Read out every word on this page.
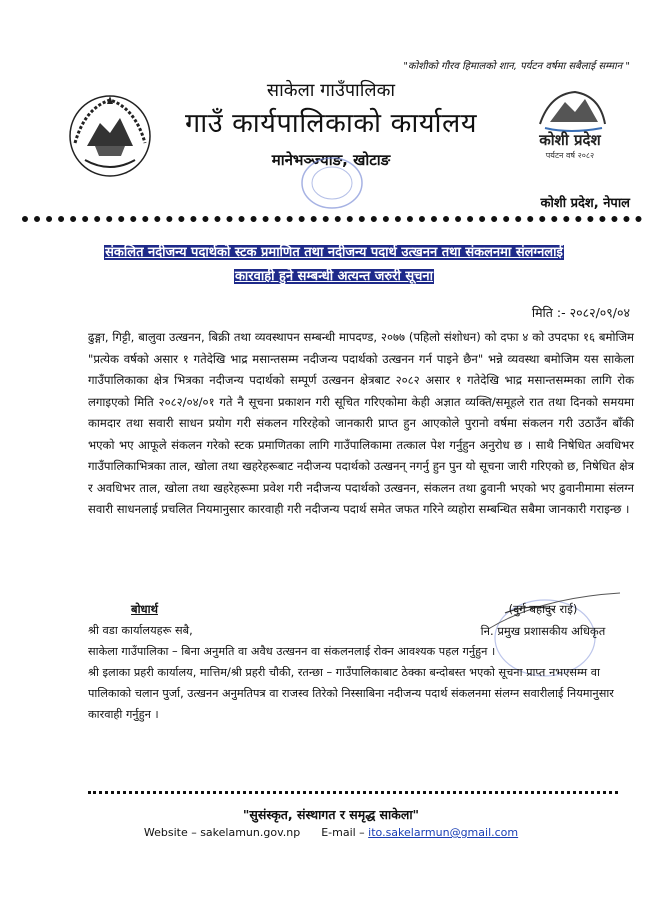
"कोशीको गौरव हिमालको शान, पर्यटन वर्षमा सबैलाई सम्मान "
साकेला गाउँपालिका
गाउँ कार्यपालिकाको कार्यालय
मानेभञ्ज्याङ, खोटाङ
कोशी प्रदेश
पर्यटन वर्ष २०८२
कोशी प्रदेश, नेपाल
संकलित नदीजन्य पदार्थको स्टक प्रमाणित तथा नदीजन्य पदार्थ उत्खनन तथा संकलनमा संलग्नलाई
कारवाही हुने सम्बन्धी अत्यन्त जरुरी सूचना
मिति :- २०८२/०९/०४
ढुङ्गा, गिट्टी, बालुवा उत्खनन, बिक्री तथा व्यवस्थापन सम्बन्धी मापदण्ड, २०७७ (पहिलो संशोधन) को दफा ४ को उपदफा १६ बमोजिम "प्रत्येक वर्षको असार १ गतेदेखि भाद्र मसान्तसम्म नदीजन्य पदार्थको उत्खनन गर्न पाइने छैन" भन्ने व्यवस्था बमोजिम यस साकेला गाउँपालिकाका क्षेत्र भित्रका नदीजन्य पदार्थको सम्पूर्ण उत्खनन क्षेत्रबाट २०८२ असार १ गतेदेखि भाद्र मसान्तसम्मका लागि रोक लगाइएको मिति २०८२/०४/०१ गते नै सूचना प्रकाशन गरी सूचित गरिएकोमा केही अज्ञात व्यक्ति/समूहले रात तथा दिनको समयमा कामदार तथा सवारी साधन प्रयोग गरी संकलन गरिरहेको जानकारी प्राप्त हुन आएकोले पुरानो वर्षमा संकलन गरी उठाउँन बाँकी भएको भए आफूले संकलन गरेको स्टक प्रमाणितका लागि गाउँपालिकामा तत्काल पेश गर्नुहुन अनुरोध छ । साथै निषेधित अवधिभर गाउँपालिकाभित्रका ताल, खोला तथा खहरेहरूबाट नदीजन्य पदार्थको उत्खनन् नगर्नु हुन पुन यो सूचना जारी गरिएको छ, निषेधित क्षेत्र र अवधिभर ताल, खोला तथा खहरेहरूमा प्रवेश गरी नदीजन्य पदार्थको उत्खनन, संकलन तथा ढुवानी भएको भए ढुवानीमामा संलग्न सवारी साधनलाई प्रचलित नियमानुसार कारवाही गरी नदीजन्य पदार्थ समेत जफत गरिने व्यहोरा सम्बन्धित सबैमा जानकारी गराइन्छ ।
(दुर्ग बहादुर राई)
नि. प्रमुख प्रशासकीय अधिकृत
बोधार्थ

श्री वडा कार्यालयहरू सबै,

साकेला गाउँपालिका – बिना अनुमति वा अवैध उत्खनन वा संकलनलाई रोक्न आवश्यक पहल गर्नुहुन ।

श्री इलाका प्रहरी कार्यालय, मात्तिम/श्री प्रहरी चौकी, रतन्छा – गाउँपालिकाबाट ठेक्का बन्दोबस्त भएको सूचना प्राप्त नभएसम्म वा पालिकाको चलान पुर्जा, उत्खनन अनुमतिपत्र वा राजस्व तिरेको निस्साबिना नदीजन्य पदार्थ संकलनमा संलग्न सवारीलाई नियमानुसार कारवाही गर्नुहुन ।

"सुसंस्कृत, संस्थागत र समृद्ध साकेला"
Website – sakelamun.gov.np E-mail – ito.sakelarmun@gmail.com
